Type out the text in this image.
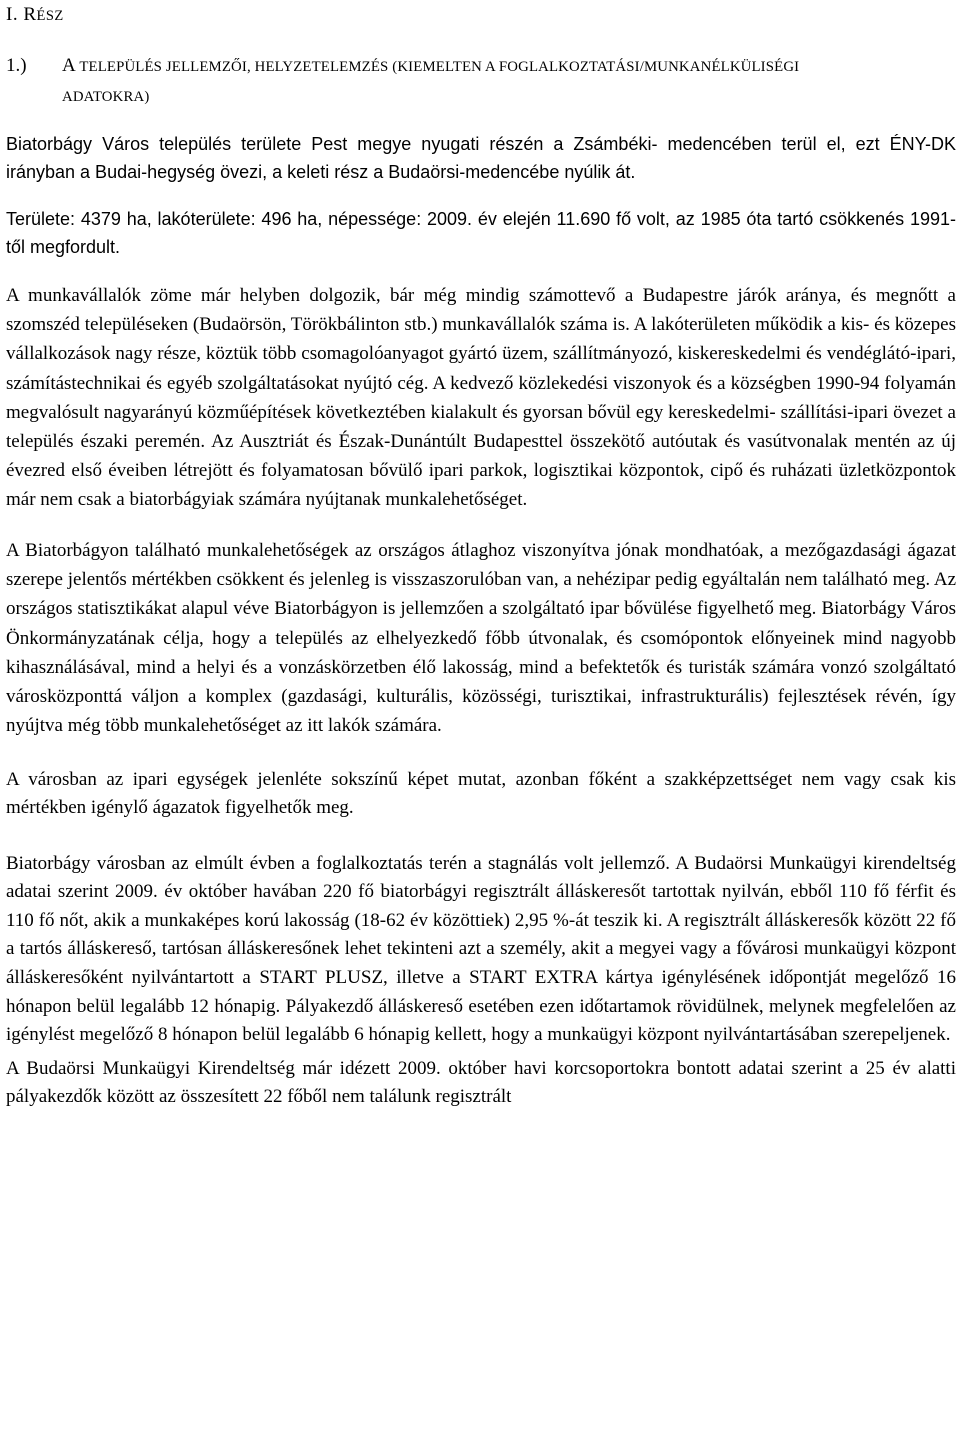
I. RÉSZ
1.) A TELEPÜLÉS JELLEMZŐI, HELYZETELEMZÉS (KIEMELTEN A FOGLALKOZTATÁSI/MUNKANÉLKÜLISÉGI
ADATOKRA)

Biatorbágy Város település területe Pest megye nyugati részén a Zsámbéki- medencében terül el, ezt ÉNY-DK irányban a Budai-hegység övezi, a keleti rész a Budaörsi-medencébe nyúlik át.

Területe: 4379 ha, lakóterülete: 496 ha, népessége: 2009. év elején 11.690 fő volt, az 1985 óta tartó csökkenés 1991-től megfordult.

A munkavállalók zöme már helyben dolgozik, bár még mindig számottevő a Budapestre járók aránya, és megnőtt a szomszéd településeken (Budaörsön, Törökbálinton stb.) munkavállalók száma is. A lakóterületen működik a kis- és közepes vállalkozások nagy része, köztük több csomagolóanyagot gyártó üzem, szállítmányozó, kiskereskedelmi és vendéglátó-ipari, számítástechnikai és egyéb szolgáltatásokat nyújtó cég. A kedvező közlekedési viszonyok és a községben 1990-94 folyamán megvalósult nagyarányú közműépítések következtében kialakult és gyorsan bővül egy kereskedelmi- szállítási-ipari övezet a település északi peremén. Az Ausztriát és Észak-Dunántúlt Budapesttel összekötő autóutak és vasútvonalak mentén az új évezred első éveiben létrejött és folyamatosan bővülő ipari parkok, logisztikai központok, cipő és ruházati üzletközpontok már nem csak a biatorbágyiak számára nyújtanak munkalehetőséget.

A Biatorbágyon található munkalehetőségek az országos átlaghoz viszonyítva jónak mondhatóak, a mezőgazdasági ágazat szerepe jelentős mértékben csökkent és jelenleg is visszaszorulóban van, a nehézipar pedig egyáltalán nem található meg. Az országos statisztikákat alapul véve Biatorbágyon is jellemzően a szolgáltató ipar bővülése figyelhető meg. Biatorbágy Város Önkormányzatának célja, hogy a település az elhelyezkedő főbb útvonalak, és csomópontok előnyeinek mind nagyobb kihasználásával, mind a helyi és a vonzáskörzetben élő lakosság, mind a befektetők és turisták számára vonzó szolgáltató városközponttá váljon a komplex (gazdasági, kulturális, közösségi, turisztikai, infrastrukturális) fejlesztések révén, így nyújtva még több munkalehetőséget az itt lakók számára.

A városban az ipari egységek jelenléte sokszínű képet mutat, azonban főként a szakképzettséget nem vagy csak kis mértékben igénylő ágazatok figyelhetők meg.

Biatorbágy városban az elmúlt évben a foglalkoztatás terén a stagnálás volt jellemző. A Budaörsi Munkaügyi kirendeltség adatai szerint 2009. év október havában 220 fő biatorbágyi regisztrált álláskeresőt tartottak nyilván, ebből 110 fő férfit és 110 fő nőt, akik a munkaképes korú lakosság (18-62 év közöttiek) 2,95 %-át teszik ki. A regisztrált álláskeresők között 22 fő a tartós álláskereső, tartósan álláskeresőnek lehet tekinteni azt a személy, akit a megyei vagy a fővárosi munkaügyi központ álláskeresőként nyilvántartott a START PLUSZ, illetve a START EXTRA kártya igénylésének időpontját megelőző 16 hónapon belül legalább 12 hónapig. Pályakezdő álláskereső esetében ezen időtartamok rövidülnek, melynek megfelelően az igénylést megelőző 8 hónapon belül legalább 6 hónapig kellett, hogy a munkaügyi központ nyilvántartásában szerepeljenek.

A Budaörsi Munkaügyi Kirendeltség már idézett 2009. október havi korcsoportokra bontott adatai szerint a 25 év alatti pályakezdők között az összesített 22 főből nem találunk regisztrált
